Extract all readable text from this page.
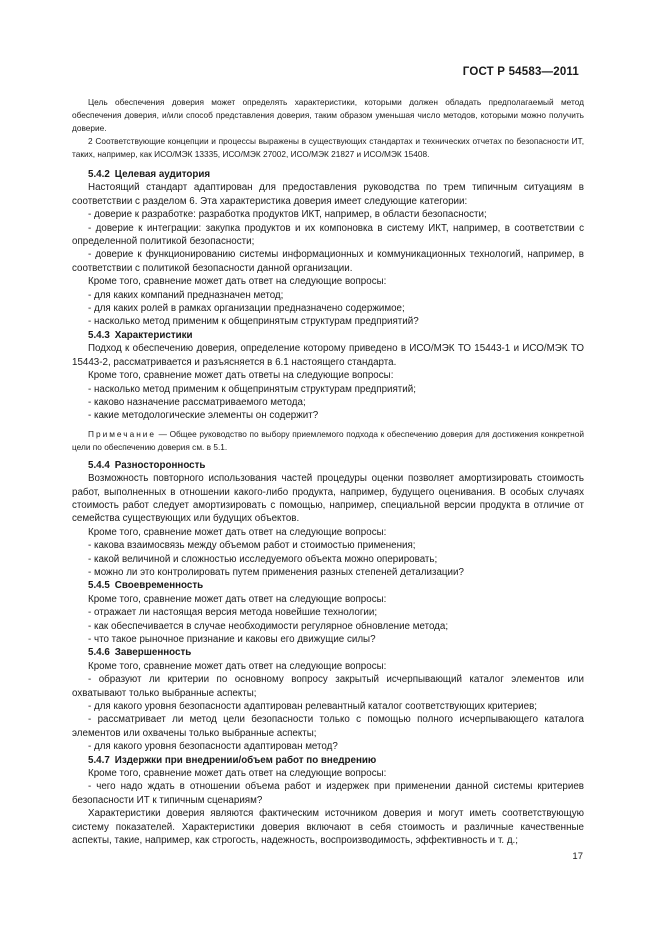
ГОСТ Р 54583—2011

Цель обеспечения доверия может определять характеристики, которыми должен обладать предполагаемый метод обеспечения доверия, и/или способ представления доверия, таким образом уменьшая число методов, которыми можно получить доверие.

2 Соответствующие концепции и процессы выражены в существующих стандартах и технических отчетах по безопасности ИТ, таких, например, как ИСО/МЭК 13335, ИСО/МЭК 27002, ИСО/МЭК 21827 и ИСО/МЭК 15408.

5.4.2 Целевая аудитория

Настоящий стандарт адаптирован для предоставления руководства по трем типичным ситуациям в соответствии с разделом 6. Эта характеристика доверия имеет следующие категории:

- доверие к разработке: разработка продуктов ИКТ, например, в области безопасности;

- доверие к интеграции: закупка продуктов и их компоновка в систему ИКТ, например, в соответствии с определенной политикой безопасности;

- доверие к функционированию системы информационных и коммуникационных технологий, например, в соответствии с политикой безопасности данной организации.

Кроме того, сравнение может дать ответ на следующие вопросы:

- для каких компаний предназначен метод;

- для каких ролей в рамках организации предназначено содержимое;

- насколько метод применим к общепринятым структурам предприятий?

5.4.3 Характеристики

Подход к обеспечению доверия, определение которому приведено в ИСО/МЭК ТО 15443-1 и ИСО/МЭК ТО 15443-2, рассматривается и разъясняется в 6.1 настоящего стандарта.

Кроме того, сравнение может дать ответы на следующие вопросы:

- насколько метод применим к общепринятым структурам предприятий;

- каково назначение рассматриваемого метода;

- какие методологические элементы он содержит?

Примечание — Общее руководство по выбору приемлемого подхода к обеспечению доверия для достижения конкретной цели по обеспечению доверия см. в 5.1.

5.4.4 Разносторонность

Возможность повторного использования частей процедуры оценки позволяет амортизировать стоимость работ, выполненных в отношении какого-либо продукта, например, будущего оценивания. В особых случаях стоимость работ следует амортизировать с помощью, например, специальной версии продукта в отличие от семейства существующих или будущих объектов.

Кроме того, сравнение может дать ответ на следующие вопросы:

- какова взаимосвязь между объемом работ и стоимостью применения;

- какой величиной и сложностью исследуемого объекта можно оперировать;

- можно ли это контролировать путем применения разных степеней детализации?

5.4.5 Своевременность

Кроме того, сравнение может дать ответ на следующие вопросы:

- отражает ли настоящая версия метода новейшие технологии;

- как обеспечивается в случае необходимости регулярное обновление метода;

- что такое рыночное признание и каковы его движущие силы?

5.4.6 Завершенность

Кроме того, сравнение может дать ответ на следующие вопросы:

- образуют ли критерии по основному вопросу закрытый исчерпывающий каталог элементов или охватывают только выбранные аспекты;

- для какого уровня безопасности адаптирован релевантный каталог соответствующих критериев;

- рассматривает ли метод цели безопасности только с помощью полного исчерпывающего каталога элементов или охвачены только выбранные аспекты;

- для какого уровня безопасности адаптирован метод?

5.4.7 Издержки при внедрении/объем работ по внедрению

Кроме того, сравнение может дать ответ на следующие вопросы:

- чего надо ждать в отношении объема работ и издержек при применении данной системы критериев безопасности ИТ к типичным сценариям?

Характеристики доверия являются фактическим источником доверия и могут иметь соответствующую систему показателей. Характеристики доверия включают в себя стоимость и различные качественные аспекты, такие, например, как строгость, надежность, воспроизводимость, эффективность и т. д.;

17
